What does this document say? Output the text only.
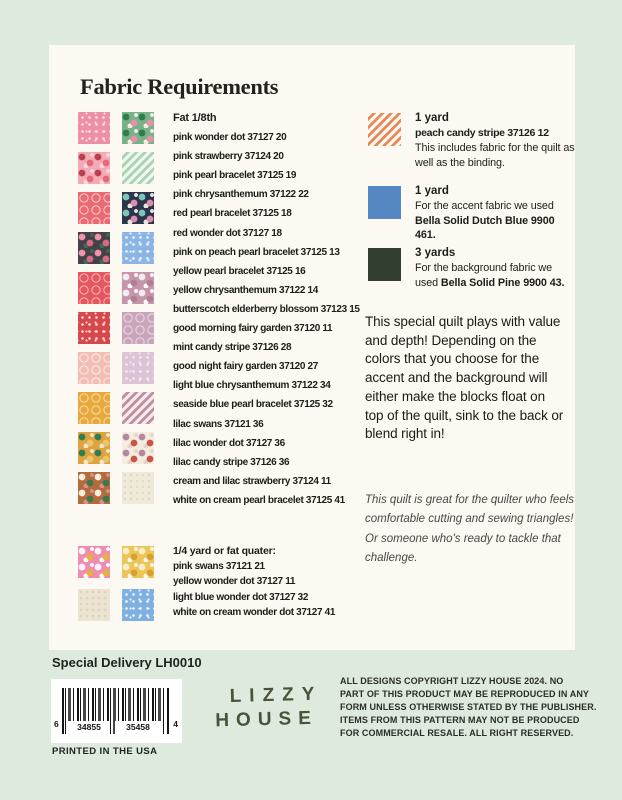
Fabric Requirements
Fat 1/8th
pink wonder dot 37127 20
pink strawberry 37124 20
pink pearl bracelet 37125 19
pink chrysanthemum 37122 22
red pearl bracelet 37125 18
red wonder dot 37127 18
pink on peach pearl bracelet 37125 13
yellow pearl bracelet 37125 16
yellow chrysanthemum 37122 14
butterscotch elderberry blossom 37123 15
good morning fairy garden 37120 11
mint candy stripe 37126 28
good night fairy garden 37120 27
light blue chrysanthemum 37122 34
seaside blue pearl bracelet 37125 32
lilac swans 37121 36
lilac wonder dot 37127 36
lilac candy stripe 37126 36
cream and lilac strawberry 37124 11
white on cream pearl bracelet 37125 41
1/4 yard or fat quater:
pink swans 37121 21
yellow wonder dot 37127 11
light blue wonder dot 37127 32
white on cream wonder dot 37127 41
1 yard
peach candy stripe 37126 12
This includes fabric for the quilt as well as the binding.
1 yard
For the accent fabric we used Bella Solid Dutch Blue 9900 461.
3 yards
For the background fabric we used Bella Solid Pine 9900 43.

This special quilt plays with value and depth! Depending on the colors that you choose for the accent and the background will either make the blocks float on top of the quilt, sink to the back or blend right in!

This quilt is great for the quilter who feels comfortable cutting and sewing triangles! Or someone who's ready to tackle that challenge.

Special Delivery LH0010
34855	35458
6	4
PRINTED IN THE USA
LIZZY
HOUSE
ALL DESIGNS COPYRIGHT LIZZY HOUSE 2024. NO
PART OF THIS PRODUCT MAY BE REPRODUCED IN ANY
FORM UNLESS OTHERWISE STATED BY THE PUBLISHER.
ITEMS FROM THIS PATTERN MAY NOT BE PRODUCED
FOR COMMERCIAL RESALE. ALL RIGHT RESERVED.
